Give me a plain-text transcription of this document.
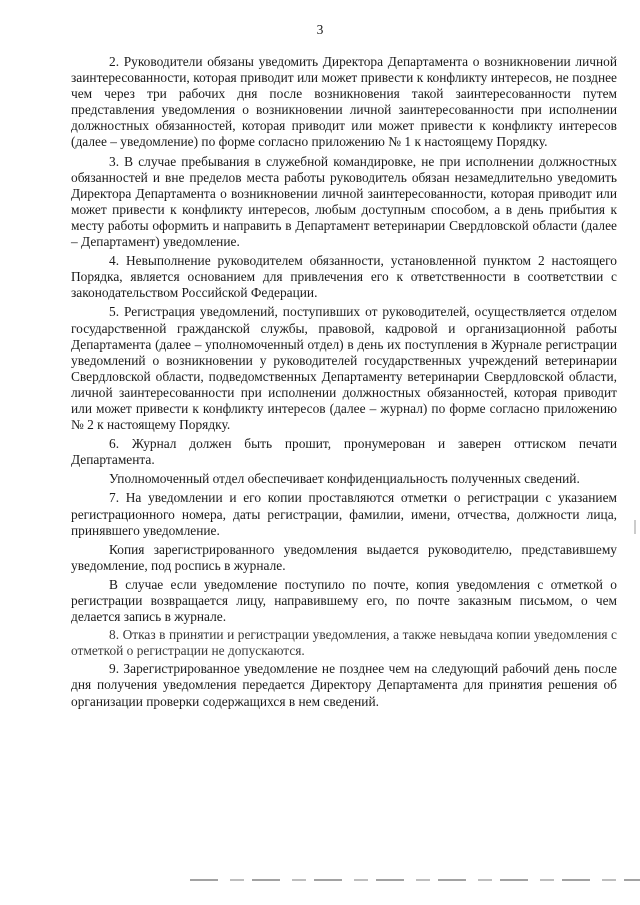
3

2. Руководители обязаны уведомить Директора Департамента о возникновении личной заинтересованности, которая приводит или может привести к конфликту интересов, не позднее чем через три рабочих дня после возникновения такой заинтересованности путем представления уведомления о возникновении личной заинтересованности при исполнении должностных обязанностей, которая приводит или может привести к конфликту интересов (далее – уведомление) по форме согласно приложению № 1 к настоящему Порядку.

3. В случае пребывания в служебной командировке, не при исполнении должностных обязанностей и вне пределов места работы руководитель обязан незамедлительно уведомить Директора Департамента о возникновении личной заинтересованности, которая приводит или может привести к конфликту интересов, любым доступным способом, а в день прибытия к месту работы оформить и направить в Департамент ветеринарии Свердловской области (далее – Департамент) уведомление.

4. Невыполнение руководителем обязанности, установленной пунктом 2 настоящего Порядка, является основанием для привлечения его к ответственности в соответствии с законодательством Российской Федерации.

5. Регистрация уведомлений, поступивших от руководителей, осуществляется отделом государственной гражданской службы, правовой, кадровой и организационной работы Департамента (далее – уполномоченный отдел) в день их поступления в Журнале регистрации уведомлений о возникновении у руководителей государственных учреждений ветеринарии Свердловской области, подведомственных Департаменту ветеринарии Свердловской области, личной заинтересованности при исполнении должностных обязанностей, которая приводит или может привести к конфликту интересов (далее – журнал) по форме согласно приложению № 2 к настоящему Порядку.

6. Журнал должен быть прошит, пронумерован и заверен оттиском печати Департамента.

Уполномоченный отдел обеспечивает конфиденциальность полученных сведений.

7. На уведомлении и его копии проставляются отметки о регистрации с указанием регистрационного номера, даты регистрации, фамилии, имени, отчества, должности лица, принявшего уведомление.

Копия зарегистрированного уведомления выдается руководителю, представившему уведомление, под роспись в журнале.

В случае если уведомление поступило по почте, копия уведомления с отметкой о регистрации возвращается лицу, направившему его, по почте заказным письмом, о чем делается запись в журнале.

8. Отказ в принятии и регистрации уведомления, а также невыдача копии уведомления с отметкой о регистрации не допускаются.

9. Зарегистрированное уведомление не позднее чем на следующий рабочий день после дня получения уведомления передается Директору Департамента для принятия решения об организации проверки содержащихся в нем сведений.
